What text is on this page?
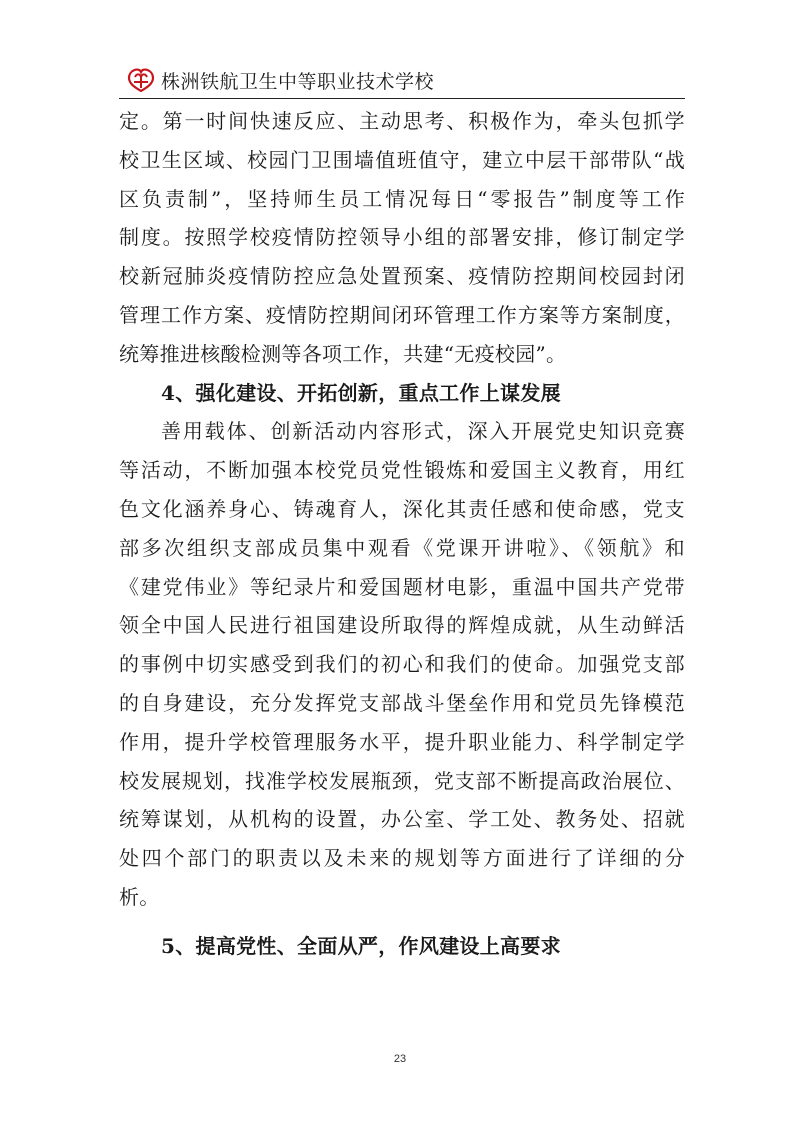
株洲铁航卫生中等职业技术学校
定。第一时间快速反应、主动思考、积极作为，牵头包抓学
校卫生区域、校园门卫围墙值班值守，建立中层干部带队“战
区负责制”，坚持师生员工情况每日“零报告”制度等工作
制度。按照学校疫情防控领导小组的部署安排，修订制定学
校新冠肺炎疫情防控应急处置预案、疫情防控期间校园封闭
管理工作方案、疫情防控期间闭环管理工作方案等方案制度，
统筹推进核酸检测等各项工作，共建“无疫校园”。
4、强化建设、开拓创新，重点工作上谋发展
善用载体、创新活动内容形式，深入开展党史知识竞赛
等活动，不断加强本校党员党性锻炼和爱国主义教育，用红
色文化涵养身心、铸魂育人，深化其责任感和使命感，党支
部多次组织支部成员集中观看《党课开讲啦》、《领航》和
《建党伟业》等纪录片和爱国题材电影，重温中国共产党带
领全中国人民进行祖国建设所取得的辉煌成就，从生动鲜活
的事例中切实感受到我们的初心和我们的使命。加强党支部
的自身建设，充分发挥党支部战斗堡垒作用和党员先锋模范
作用，提升学校管理服务水平，提升职业能力、科学制定学
校发展规划，找准学校发展瓶颈，党支部不断提高政治展位、
统筹谋划，从机构的设置，办公室、学工处、教务处、招就
处四个部门的职责以及未来的规划等方面进行了详细的分
析。
5、提高党性、全面从严，作风建设上高要求
23
